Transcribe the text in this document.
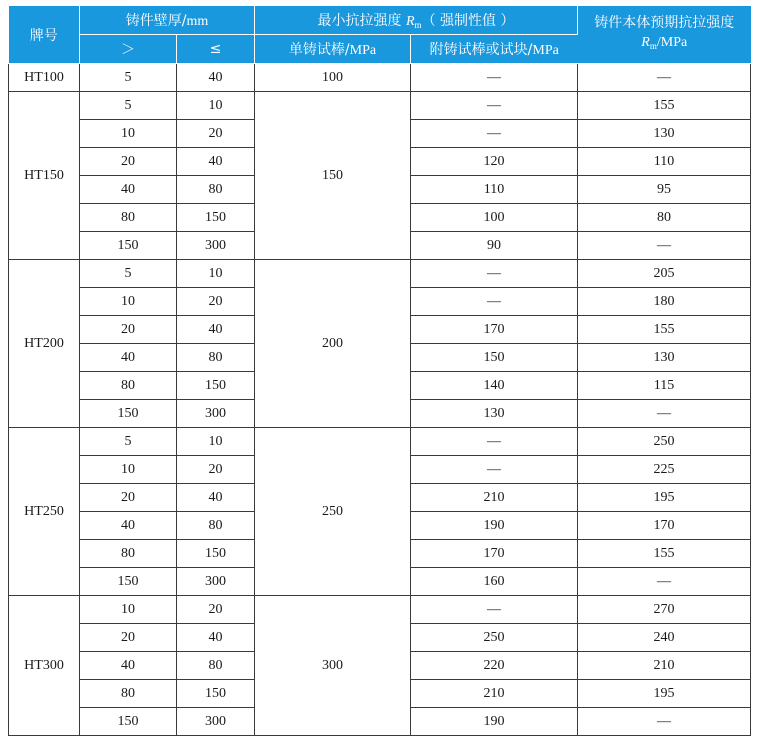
牌号	铸件壁厚/mm		最小抗拉强度 $R_m$（ 强制性值 ）		铸件本体预期抗拉强度
$R_m$/MPa

	＞	≤	单铸试棒/MPa	附铸试棒或试块/MPa	
HT100	5	40	100	—	—
HT150	5	10	150	—	155
	10	20		—	130
	20	40		120	110
	40	80		110	95
	80	150		100	80
	150	300		90	—
HT200	5	10	200	—	205
	10	20		—	180
	20	40		170	155
	40	80		150	130
	80	150		140	115
	150	300		130	—
HT250	5	10	250	—	250
	10	20		—	225
	20	40		210	195
	40	80		190	170
	80	150		170	155
	150	300		160	—
HT300	10	20	300	—	270
	20	40		250	240
	40	80		220	210
	80	150		210	195
	150	300		190	—
